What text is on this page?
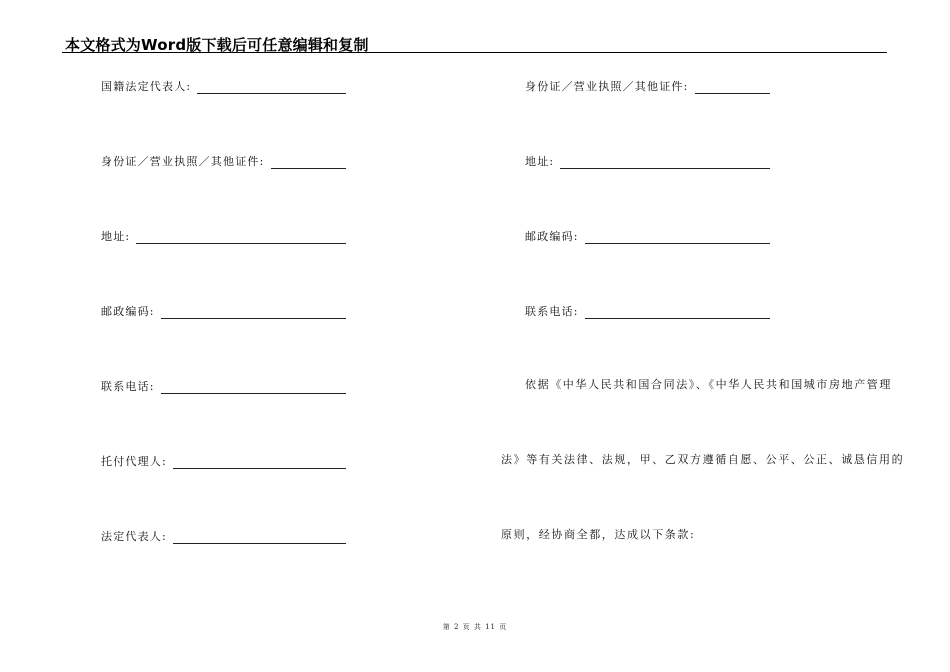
本文格式为Word版下载后可任意编辑和复制
国籍法定代表人:
身份证／营业执照／其他证件:
地址:
邮政编码:
联系电话:
托付代理人:
法定代表人:
身份证／营业执照／其他证件:
地址:
邮政编码:
联系电话:
依据《中华人民共和国合同法》、《中华人民共和国城市房地产管理
法》等有关法律、法规，甲、乙双方遵循自愿、公平、公正、诚恳信用的
原则，经协商全都，达成以下条款:
第 2 页 共 11 页
